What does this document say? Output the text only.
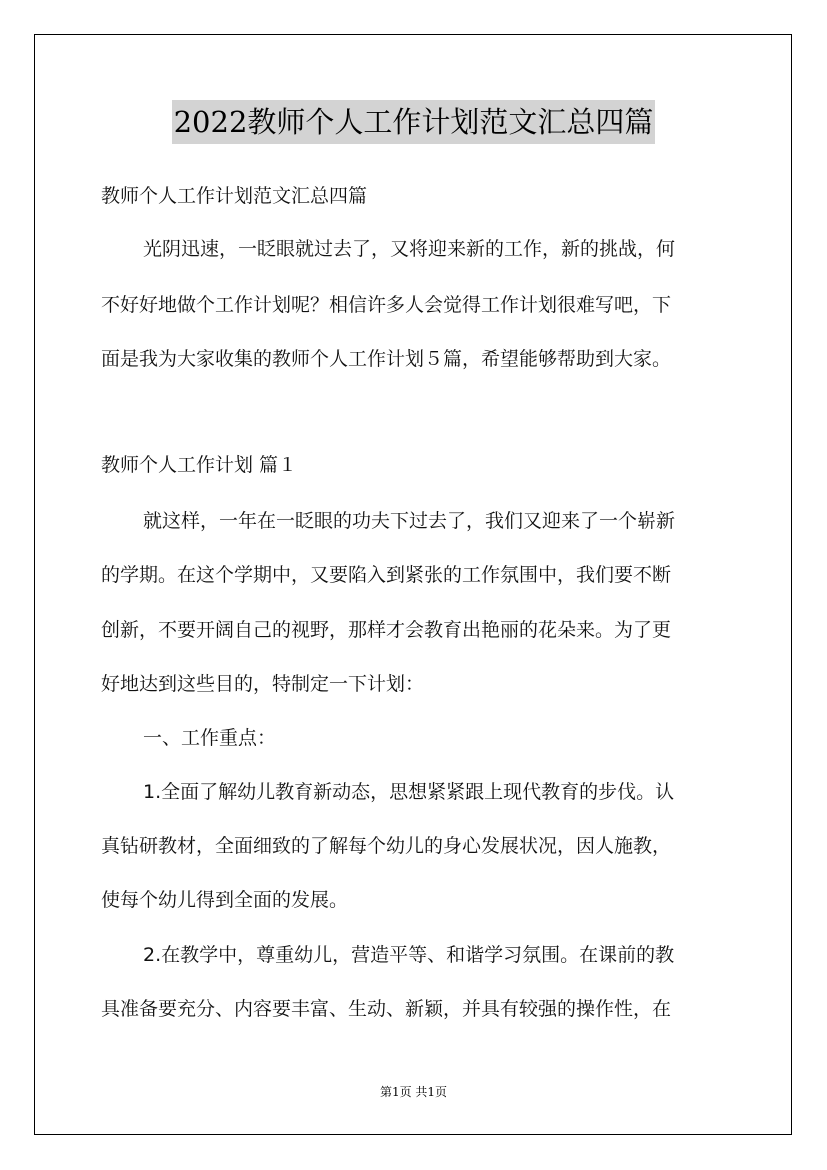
2022教师个人工作计划范文汇总四篇
教师个人工作计划范文汇总四篇
光阴迅速，一眨眼就过去了，又将迎来新的工作，新的挑战，何
不好好地做个工作计划呢？相信许多人会觉得工作计划很难写吧，下
面是我为大家收集的教师个人工作计划５篇，希望能够帮助到大家。
教师个人工作计划 篇１
就这样，一年在一眨眼的功夫下过去了，我们又迎来了一个崭新
的学期。在这个学期中，又要陷入到紧张的工作氛围中，我们要不断
创新，不要开阔自己的视野，那样才会教育出艳丽的花朵来。为了更
好地达到这些目的，特制定一下计划：
一、工作重点：
1.全面了解幼儿教育新动态，思想紧紧跟上现代教育的步伐。认
真钻研教材，全面细致的了解每个幼儿的身心发展状况，因人施教，
使每个幼儿得到全面的发展。
2.在教学中，尊重幼儿，营造平等、和谐学习氛围。在课前的教
具准备要充分、内容要丰富、生动、新颖，并具有较强的操作性，在
第1页 共1页
